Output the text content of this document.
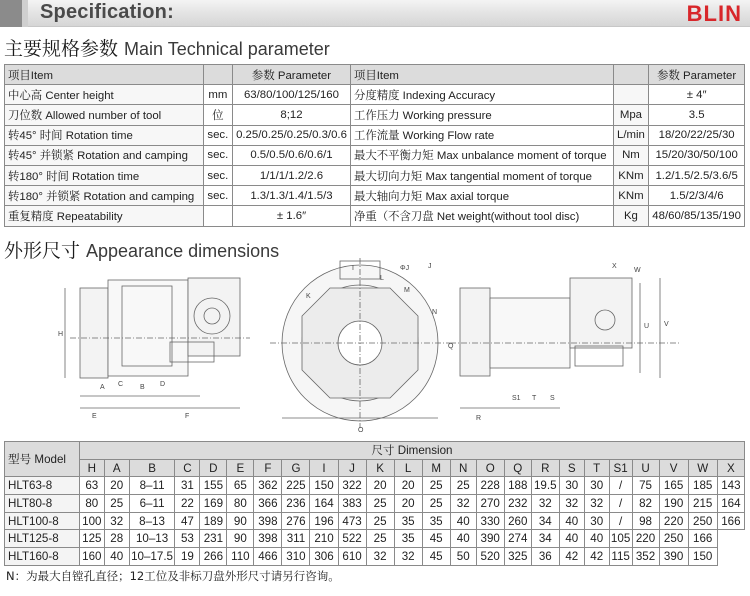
Specification:	BLIN
主要规格参数 Main Technical parameter
项目Item		参数 Parameter	项目Item		参数 Parameter
中心高 Center height	mm	63/80/100/125/160	分度精度 Indexing Accuracy		± 4″
刀位数 Allowed number of tool	位	8;12	工作压力 Working pressure	Mpa	3.5
转45° 时间 Rotation time	sec.	0.25/0.25/0.25/0.3/0.6	工作流量 Working Flow rate	L/min	18/20/22/25/30
转45° 并锁紧 Rotation and camping	sec.	0.5/0.5/0.6/0.6/1	最大不平衡力矩 Max unbalance moment of torque	Nm	15/20/30/50/100
转180° 时间 Rotation time	sec.	1/1/1/1.2/2.6	最大切向力矩 Max tangential moment of torque	KNm	1.2/1.5/2.5/3.6/5
转180° 并锁紧 Rotation and camping	sec.	1.3/1.3/1.4/1.5/3	最大轴向力矩 Max axial torque	KNm	1.5/2/3/4/6
重复精度 Repeatability		± 1.6″	净重（不含刀盘 Net weight(without tool disc)	Kg	48/60/85/135/190
外形尺寸 Appearance dimensions
A	B
C	D
E	F
H
I	J
K
L
M
N
O
Q
R
S
T
S1
U V
W
X
ΦJ
型号 Model	尺寸 Dimension																							
	H	A	B	C	D	E	F	G	I	J	K	L	M	N	O	Q	R	S	T	S1	U	V	W	X
HLT63-8	63	20	8–11	31	155	65	362	225	150	322	20	20	25	25	228	188	19.5	30	30	/	75	165	185	143
HLT80-8	80	25	6–11	22	169	80	366	236	164	383	25	20	25	32	270	232	32	32	32	/	82	190	215	164
HLT100-8	100	32	8–13	47	189	90	398	276	196	473	25	35	35	40	330	260	34	40	30	/	98	220	250	166
HLT125-8	125	28	10–13	53	231	90	398	311	210	522	25	35	45	40	390	274	34	40	40	105	220	250	166	
HLT160-8	160	40	10–17.5	19	266	110	466	310	306	610	32	32	45	50	520	325	36	42	42	115	352	390	150	
N：为最大自镗孔直径；12工位及非标刀盘外形尺寸请另行咨询。
